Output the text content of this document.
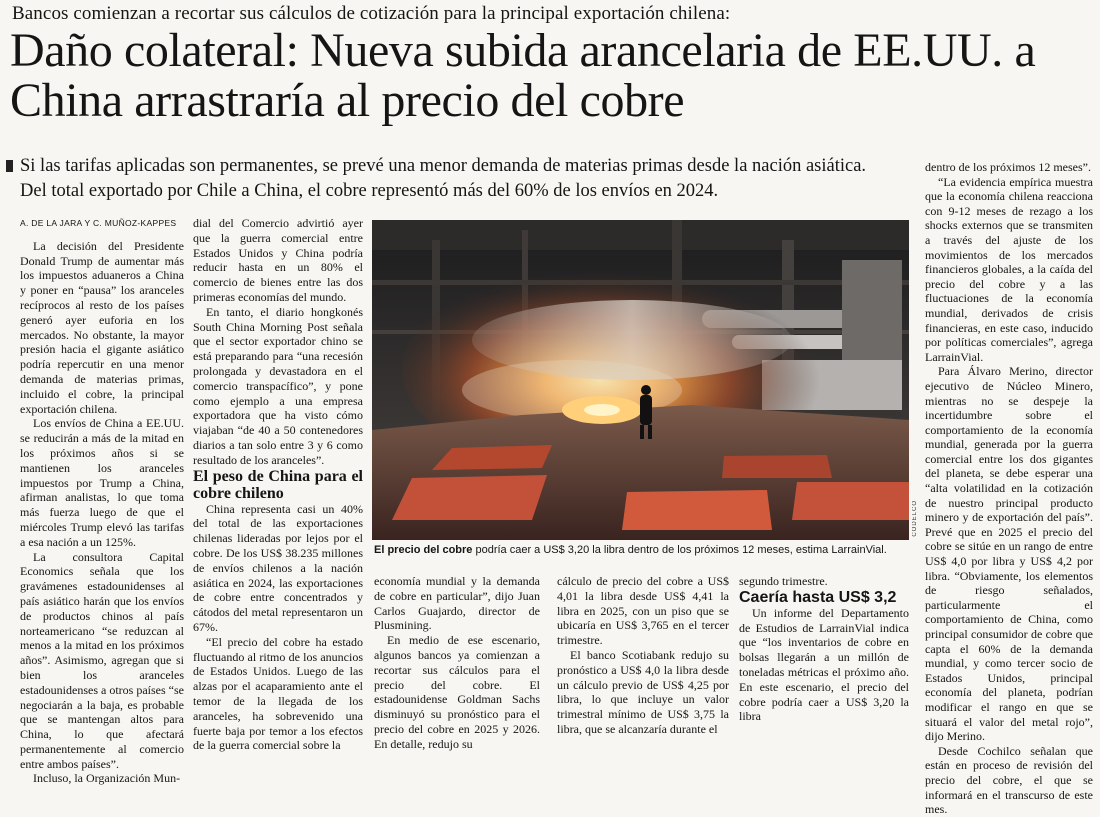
Bancos comienzan a recortar sus cálculos de cotización para la principal exportación chilena:
Daño colateral: Nueva subida arancelaria de EE.UU. a China arrastraría al precio del cobre
Si las tarifas aplicadas son permanentes, se prevé una menor demanda de materias primas desde la nación asiática. Del total exportado por Chile a China, el cobre representó más del 60% de los envíos en 2024.

A. DE LA JARA Y C. MUÑOZ-KAPPES

La decisión del Presidente Donald Trump de aumentar más los impuestos aduaneros a China y poner en “pausa” los aranceles recíprocos al resto de los países generó ayer euforia en los mercados. No obstante, la mayor presión hacia el gigante asiático podría repercutir en una menor demanda de materias primas, incluido el cobre, la principal exportación chilena.

Los envíos de China a EE.UU. se reducirán a más de la mitad en los próximos años si se mantienen los aranceles impuestos por Trump a China, afirman analistas, lo que toma más fuerza luego de que el miércoles Trump elevó las tarifas a esa nación a un 125%.

La consultora Capital Economics señala que los gravámenes estadounidenses al país asiático harán que los envíos de productos chinos al país norteamericano “se reduzcan al menos a la mitad en los próximos años”. Asimismo, agregan que si bien los aranceles estadounidenses a otros países “se negociarán a la baja, es probable que se mantengan altos para China, lo que afectará permanentemente al comercio entre ambos países”.

Incluso, la Organización Mun-

dial del Comercio advirtió ayer que la guerra comercial entre Estados Unidos y China podría reducir hasta en un 80% el comercio de bienes entre las dos primeras economías del mundo.

En tanto, el diario hongkonés South China Morning Post señala que el sector exportador chino se está preparando para “una recesión prolongada y devastadora en el comercio transpacífico”, y pone como ejemplo a una empresa exportadora que ha visto cómo viajaban “de 40 a 50 contenedores diarios a tan solo entre 3 y 6 como resultado de los aranceles”.

El peso de China para el cobre chileno

China representa casi un 40% del total de las exportaciones chilenas lideradas por lejos por el cobre. De los US$ 38.235 millones de envíos chilenos a la nación asiática en 2024, las exportaciones de cobre entre concentrados y cátodos del metal representaron un 67%.

“El precio del cobre ha estado fluctuando al ritmo de los anuncios de Estados Unidos. Luego de las alzas por el acaparamiento ante el temor de la llegada de los aranceles, ha sobrevenido una fuerte baja por temor a los efectos de la guerra comercial sobre la

CODELCO
El precio del cobre podría caer a US$ 3,20 la libra dentro de los próximos 12 meses, estima LarrainVial.

economía mundial y la demanda de cobre en particular”, dijo Juan Carlos Guajardo, director de Plusmining.

En medio de ese escenario, algunos bancos ya comienzan a recortar sus cálculos para el precio del cobre. El estadounidense Goldman Sachs disminuyó su pronóstico para el precio del cobre en 2025 y 2026. En detalle, redujo su

cálculo de precio del cobre a US$ 4,01 la libra desde US$ 4,41 la libra en 2025, con un piso que se ubicaría en US$ 3,765 en el tercer trimestre.

El banco Scotiabank redujo su pronóstico a US$ 4,0 la libra desde un cálculo previo de US$ 4,25 por libra, lo que incluye un valor trimestral mínimo de US$ 3,75 la libra, que se alcanzaría durante el

segundo trimestre.

Caería hasta US$ 3,2

Un informe del Departamento de Estudios de LarrainVial indica que “los inventarios de cobre en bolsas llegarán a un millón de toneladas métricas el próximo año. En este escenario, el precio del cobre podría caer a US$ 3,20 la libra

dentro de los próximos 12 meses”.

“La evidencia empírica muestra que la economía chilena reacciona con 9-12 meses de rezago a los shocks externos que se transmiten a través del ajuste de los movimientos de los mercados financieros globales, a la caída del precio del cobre y a las fluctuaciones de la economía mundial, derivados de crisis financieras, en este caso, inducido por políticas comerciales”, agrega LarrainVial.

Para Álvaro Merino, director ejecutivo de Núcleo Minero, mientras no se despeje la incertidumbre sobre el comportamiento de la economía mundial, generada por la guerra comercial entre los dos gigantes del planeta, se debe esperar una “alta volatilidad en la cotización de nuestro principal producto minero y de exportación del país”. Prevé que en 2025 el precio del cobre se sitúe en un rango de entre US$ 4,0 por libra y US$ 4,2 por libra. “Obviamente, los elementos de riesgo señalados, particularmente el comportamiento de China, como principal consumidor de cobre que capta el 60% de la demanda mundial, y como tercer socio de Estados Unidos, principal economía del planeta, podrían modificar el rango en que se situará el valor del metal rojo”, dijo Merino.

Desde Cochilco señalan que están en proceso de revisión del precio del cobre, el que se informará en el transcurso de este mes.
